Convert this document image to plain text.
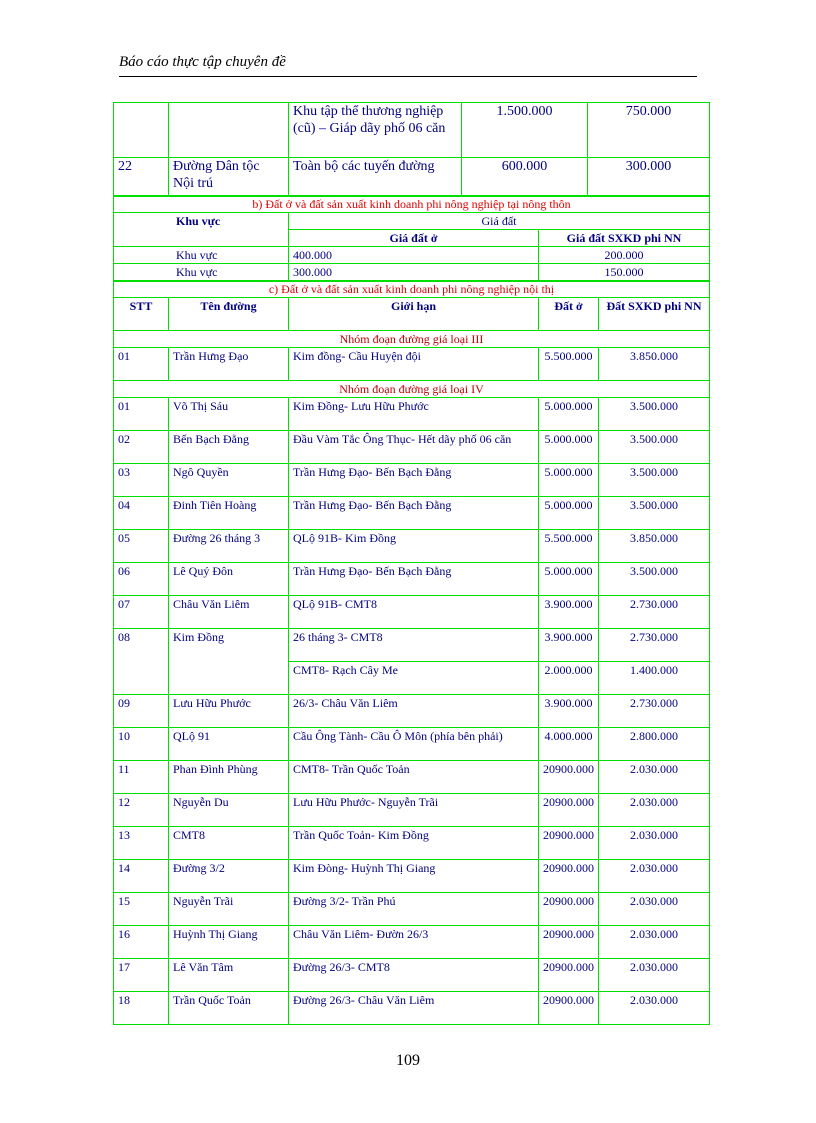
Báo cáo thực tập chuyên đề
		Khu tập thể thương nghiệp (cũ) – Giáp dãy phố 06 căn	1.500.000	750.000
22	Đường Dân tộc Nội trú	Toàn bộ các tuyến đường	600.000	300.000
b) Đất ở và đất sản xuất kinh doanh phi nông nghiệp tại nông thôn		
Khu vực	Giá đất	
	Giá đất ở	Giá đất SXKD phi NN
Khu vực	400.000	200.000
Khu vực	300.000	150.000
c) Đất ở và đất sản xuất kinh doanh phi nông nghiệp nội thị				
STT	Tên đường	Giới hạn	Đất ở	Đất SXKD phi NN
Nhóm đoạn đường giá loại III				
01	Trần Hưng Đạo	Kim đồng- Cầu Huyện đội	5.500.000	3.850.000
Nhóm đoạn đường giá loại IV				
01	Võ Thị Sáu	Kim Đồng- Lưu Hữu Phước	5.000.000	3.500.000
02	Bến Bạch Đằng	Đầu Vàm Tắc Ông Thục- Hết dãy phố 06 căn	5.000.000	3.500.000
03	Ngô Quyền	Trần Hưng Đạo- Bến Bạch Đằng	5.000.000	3.500.000
04	Đinh Tiên Hoàng	Trần Hưng Đạo- Bến Bạch Đằng	5.000.000	3.500.000
05	Đường 26 tháng 3	QLộ 91B- Kim Đồng	5.500.000	3.850.000
06	Lê Quý Đôn	Trần Hưng Đạo- Bến Bạch Đằng	5.000.000	3.500.000
07	Châu Văn Liêm	QLộ 91B- CMT8	3.900.000	2.730.000
08	Kim Đồng	26 tháng 3- CMT8	3.900.000	2.730.000
		CMT8- Rạch Cây Me	2.000.000	1.400.000
09	Lưu Hữu Phước	26/3- Châu Văn Liêm	3.900.000	2.730.000
10	QLộ 91	Cầu Ông Tành- Cầu Ô Môn (phía bên phải)	4.000.000	2.800.000
11	Phan Đình Phùng	CMT8- Trần Quốc Toản	20900.000	2.030.000
12	Nguyễn Du	Lưu Hữu Phước- Nguyễn Trãi	20900.000	2.030.000
13	CMT8	Trần Quốc Toản- Kim Đồng	20900.000	2.030.000
14	Đường 3/2	Kim Đòng- Huỳnh Thị Giang	20900.000	2.030.000
15	Nguyễn Trãi	Đường 3/2- Trần Phú	20900.000	2.030.000
16	Huỳnh Thị Giang	Châu Văn Liêm- Đườn 26/3	20900.000	2.030.000
17	Lê Văn Tâm	Đường 26/3- CMT8	20900.000	2.030.000
18	Trần Quốc Toản	Đường 26/3- Châu Văn Liêm	20900.000	2.030.000
109
